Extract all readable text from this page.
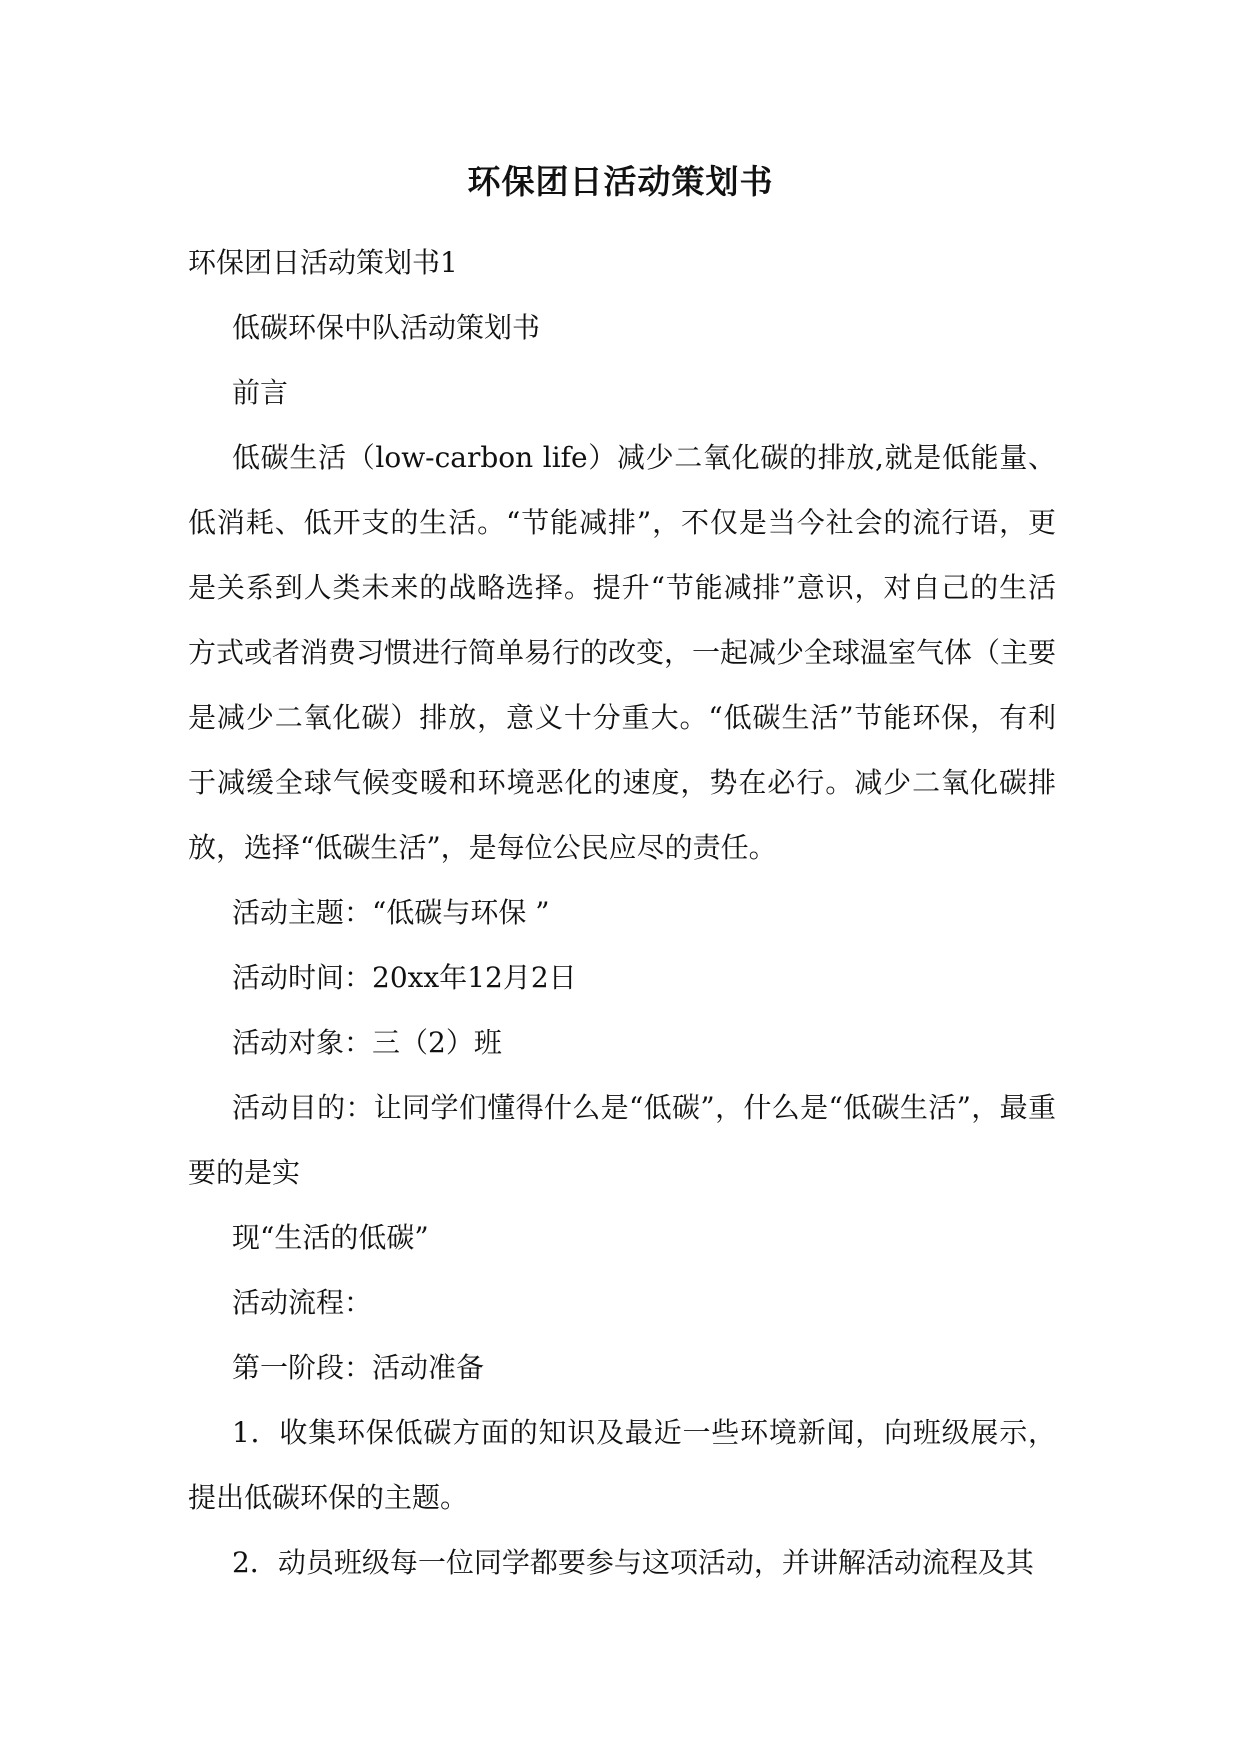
环保团日活动策划书

环保团日活动策划书1

低碳环保中队活动策划书

前言

低碳生活（low-carbon life）减少二氧化碳的排放,就是低能量、低消耗、低开支的生活。“节能减排”，不仅是当今社会的流行语，更是关系到人类未来的战略选择。提升“节能减排”意识，对自己的生活方式或者消费习惯进行简单易行的改变，一起减少全球温室气体（主要是减少二氧化碳）排放，意义十分重大。“低碳生活”节能环保，有利于减缓全球气候变暖和环境恶化的速度，势在必行。减少二氧化碳排放，选择“低碳生活”，是每位公民应尽的责任。

活动主题：“低碳与环保 ”

活动时间：20xx年12月2日

活动对象：三（2）班

活动目的：让同学们懂得什么是“低碳”，什么是“低碳生活”，最重要的是实

现“生活的低碳”

活动流程：

第一阶段：活动准备

1．收集环保低碳方面的知识及最近一些环境新闻，向班级展示，提出低碳环保的主题。

2．动员班级每一位同学都要参与这项活动，并讲解活动流程及其
